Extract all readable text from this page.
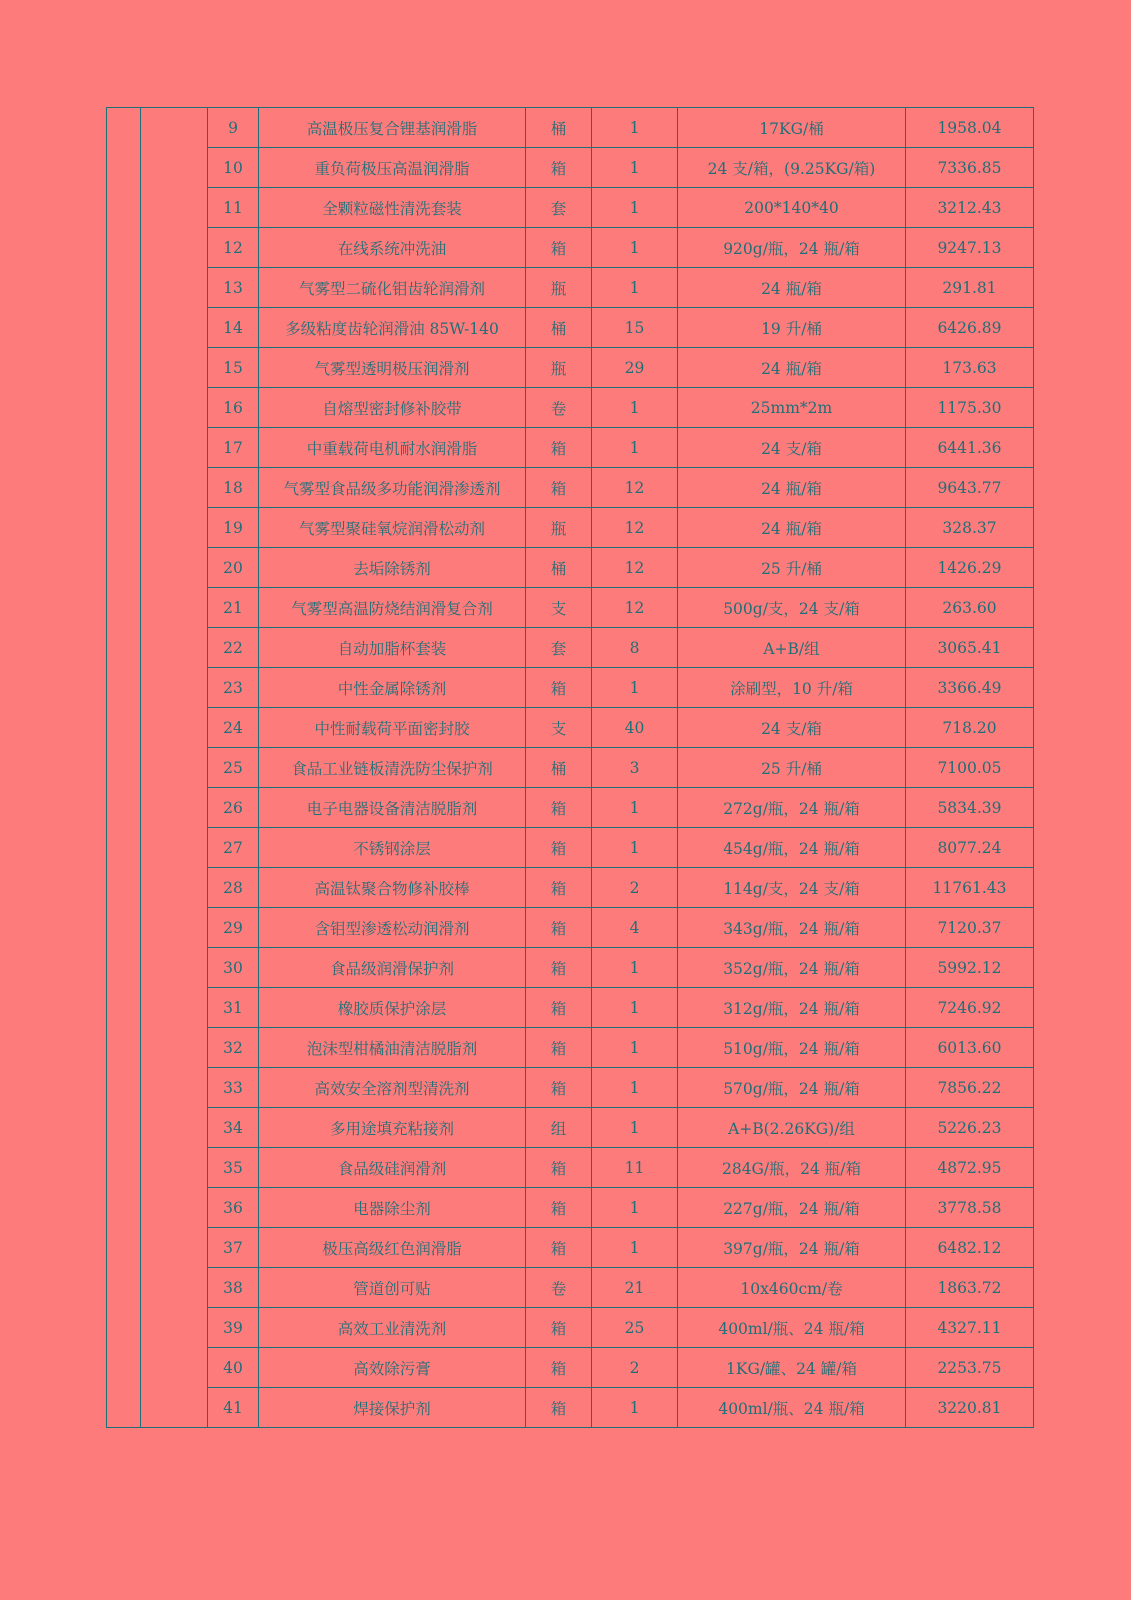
		9	高温极压复合锂基润滑脂	桶	1	17KG/桶	1958.04
		10	重负荷极压高温润滑脂	箱	1	24 支/箱，(9.25KG/箱)	7336.85
		11	全颗粒磁性清洗套装	套	1	200*140*40	3212.43
		12	在线系统冲洗油	箱	1	920g/瓶，24 瓶/箱	9247.13
		13	气雾型二硫化钼齿轮润滑剂	瓶	1	24 瓶/箱	291.81
		14	多级粘度齿轮润滑油 85W-140	桶	15	19 升/桶	6426.89
		15	气雾型透明极压润滑剂	瓶	29	24 瓶/箱	173.63
		16	自熔型密封修补胶带	卷	1	25mm*2m	1175.30
		17	中重载荷电机耐水润滑脂	箱	1	24 支/箱	6441.36
		18	气雾型食品级多功能润滑渗透剂	箱	12	24 瓶/箱	9643.77
		19	气雾型聚硅氧烷润滑松动剂	瓶	12	24 瓶/箱	328.37
		20	去垢除锈剂	桶	12	25 升/桶	1426.29
		21	气雾型高温防烧结润滑复合剂	支	12	500g/支，24 支/箱	263.60
		22	自动加脂杯套装	套	8	A+B/组	3065.41
		23	中性金属除锈剂	箱	1	涂刷型，10 升/箱	3366.49
		24	中性耐载荷平面密封胶	支	40	24 支/箱	718.20
		25	食品工业链板清洗防尘保护剂	桶	3	25 升/桶	7100.05
		26	电子电器设备清洁脱脂剂	箱	1	272g/瓶，24 瓶/箱	5834.39
		27	不锈钢涂层	箱	1	454g/瓶，24 瓶/箱	8077.24
		28	高温钛聚合物修补胶棒	箱	2	114g/支，24 支/箱	11761.43
		29	含钼型渗透松动润滑剂	箱	4	343g/瓶，24 瓶/箱	7120.37
		30	食品级润滑保护剂	箱	1	352g/瓶，24 瓶/箱	5992.12
		31	橡胶质保护涂层	箱	1	312g/瓶，24 瓶/箱	7246.92
		32	泡沫型柑橘油清洁脱脂剂	箱	1	510g/瓶，24 瓶/箱	6013.60
		33	高效安全溶剂型清洗剂	箱	1	570g/瓶，24 瓶/箱	7856.22
		34	多用途填充粘接剂	组	1	A+B(2.26KG)/组	5226.23
		35	食品级硅润滑剂	箱	11	284G/瓶，24 瓶/箱	4872.95
		36	电器除尘剂	箱	1	227g/瓶，24 瓶/箱	3778.58
		37	极压高级红色润滑脂	箱	1	397g/瓶，24 瓶/箱	6482.12
		38	管道创可贴	卷	21	10x460cm/卷	1863.72
		39	高效工业清洗剂	箱	25	400ml/瓶、24 瓶/箱	4327.11
		40	高效除污膏	箱	2	1KG/罐、24 罐/箱	2253.75
		41	焊接保护剂	箱	1	400ml/瓶、24 瓶/箱	3220.81
